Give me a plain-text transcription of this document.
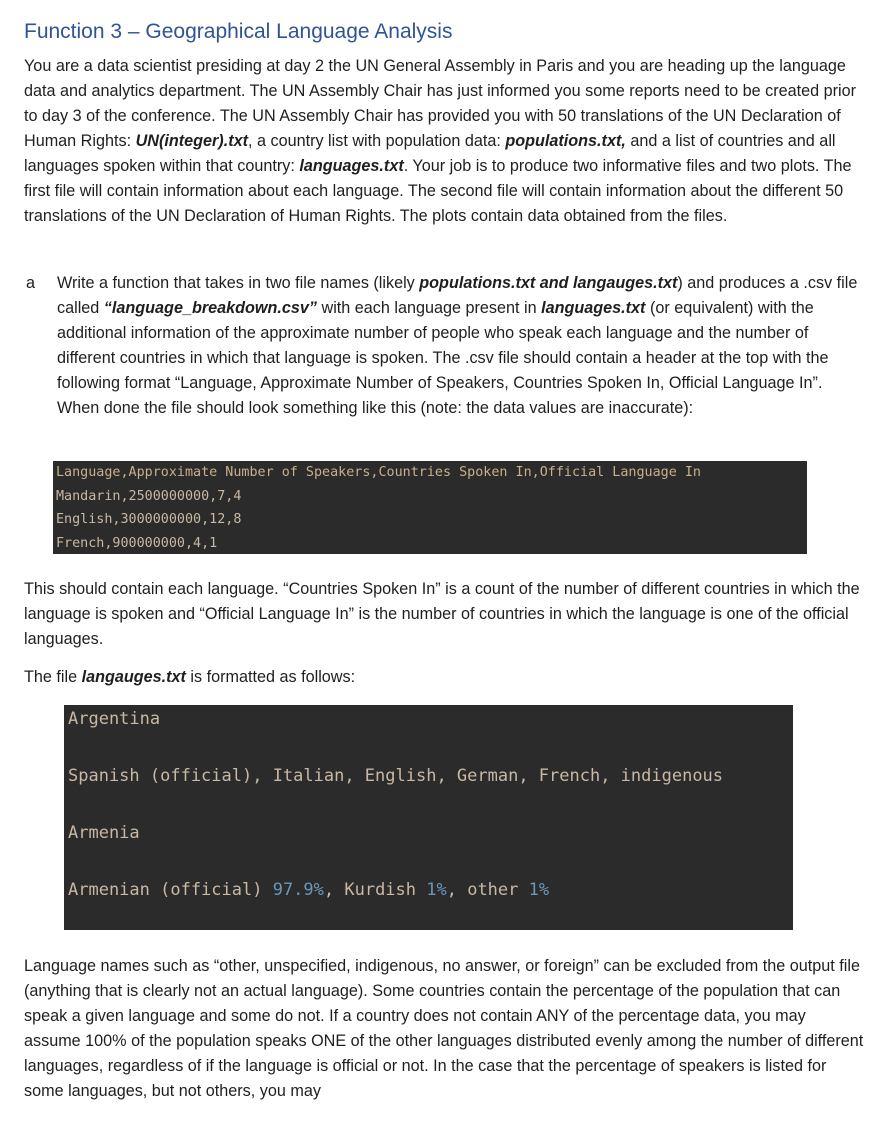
Function 3 – Geographical Language Analysis
You are a data scientist presiding at day 2 the UN General Assembly in Paris and you are heading up the language data and analytics department. The UN Assembly Chair has just informed you some reports need to be created prior to day 3 of the conference. The UN Assembly Chair has provided you with 50 translations of the UN Declaration of Human Rights: UN(integer).txt, a country list with population data: populations.txt, and a list of countries and all languages spoken within that country: languages.txt. Your job is to produce two informative files and two plots. The first file will contain information about each language. The second file will contain information about the different 50 translations of the UN Declaration of Human Rights. The plots contain data obtained from the files.
a Write a function that takes in two file names (likely populations.txt and langauges.txt) and produces a .csv file called “language_breakdown.csv” with each language present in languages.txt (or equivalent) with the additional information of the approximate number of people who speak each language and the number of different countries in which that language is spoken. The .csv file should contain a header at the top with the following format “Language, Approximate Number of Speakers, Countries Spoken In, Official Language In”. When done the file should look something like this (note: the data values are inaccurate):
This should contain each language. “Countries Spoken In” is a count of the number of different countries in which the language is spoken and “Official Language In” is the number of countries in which the language is one of the official languages.
The file langauges.txt is formatted as follows:
Language names such as “other, unspecified, indigenous, no answer, or foreign” can be excluded from the output file (anything that is clearly not an actual language). Some countries contain the percentage of the population that can speak a given language and some do not. If a country does not contain ANY of the percentage data, you may assume 100% of the population speaks ONE of the other languages distributed evenly among the number of different languages, regardless of if the language is official or not. In the case that the percentage of speakers is listed for some languages, but not others, you may
Language,Approximate Number of Speakers,Countries Spoken In,Official Language In
Mandarin,2500000000,7,4
English,3000000000,12,8
French,900000000,4,1
Argentina
Spanish (official), Italian, English, German, French, indigenous
Armenia
Armenian (official) 97.9%, Kurdish 1%, other 1%
